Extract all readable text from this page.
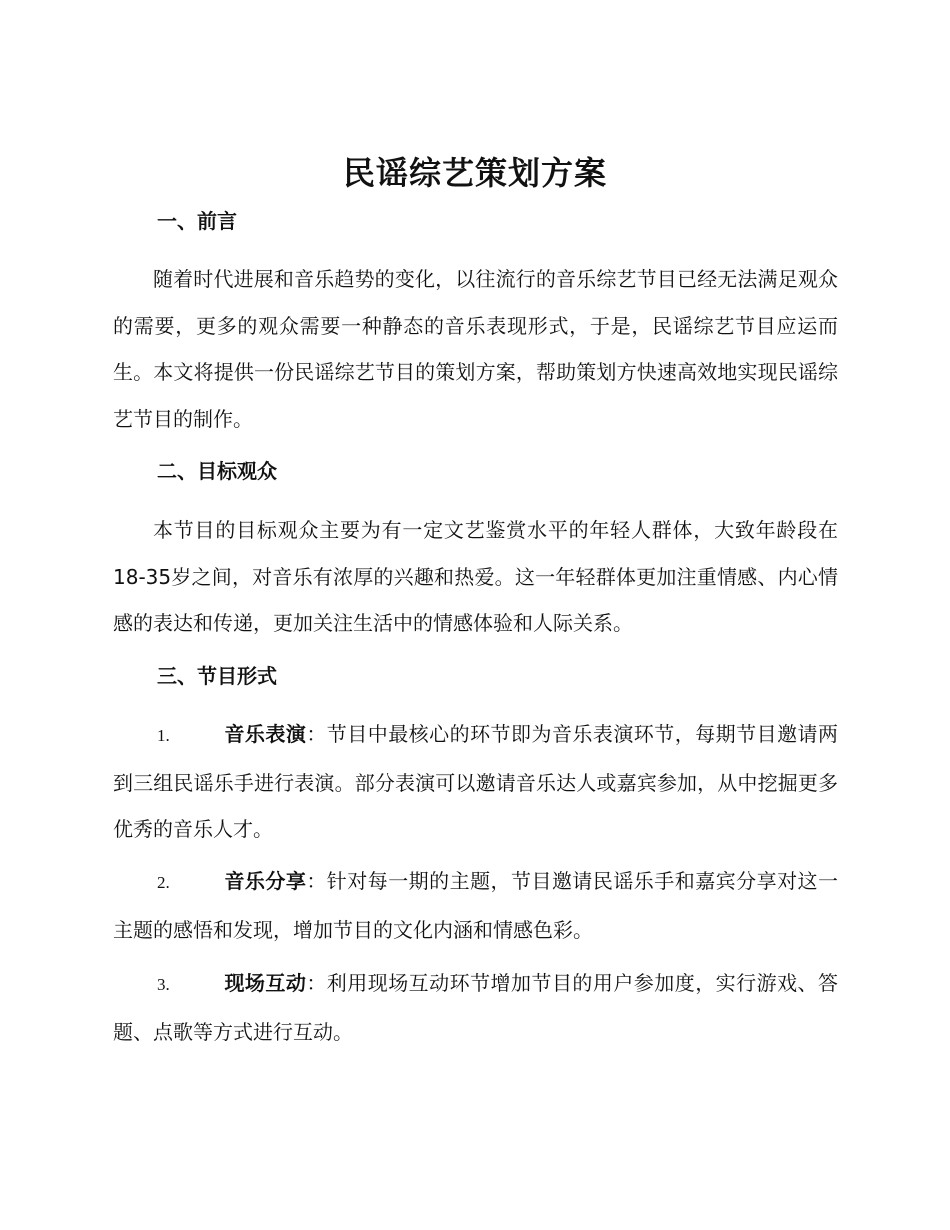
民谣综艺策划方案
一、前言
随着时代进展和音乐趋势的变化，以往流行的音乐综艺节目已经无法满足观众的需要，更多的观众需要一种静态的音乐表现形式，于是，民谣综艺节目应运而生。本文将提供一份民谣综艺节目的策划方案，帮助策划方快速高效地实现民谣综艺节目的制作。
二、目标观众
本节目的目标观众主要为有一定文艺鉴赏水平的年轻人群体，大致年龄段在18-35岁之间，对音乐有浓厚的兴趣和热爱。这一年轻群体更加注重情感、内心情感的表达和传递，更加关注生活中的情感体验和人际关系。
三、节目形式
1.	音乐表演：节目中最核心的环节即为音乐表演环节，每期节目邀请两到三组民谣乐手进行表演。部分表演可以邀请音乐达人或嘉宾参加，从中挖掘更多优秀的音乐人才。
2.	音乐分享：针对每一期的主题，节目邀请民谣乐手和嘉宾分享对这一主题的感悟和发现，增加节目的文化内涵和情感色彩。
3.	现场互动：利用现场互动环节增加节目的用户参加度，实行游戏、答题、点歌等方式进行互动。
